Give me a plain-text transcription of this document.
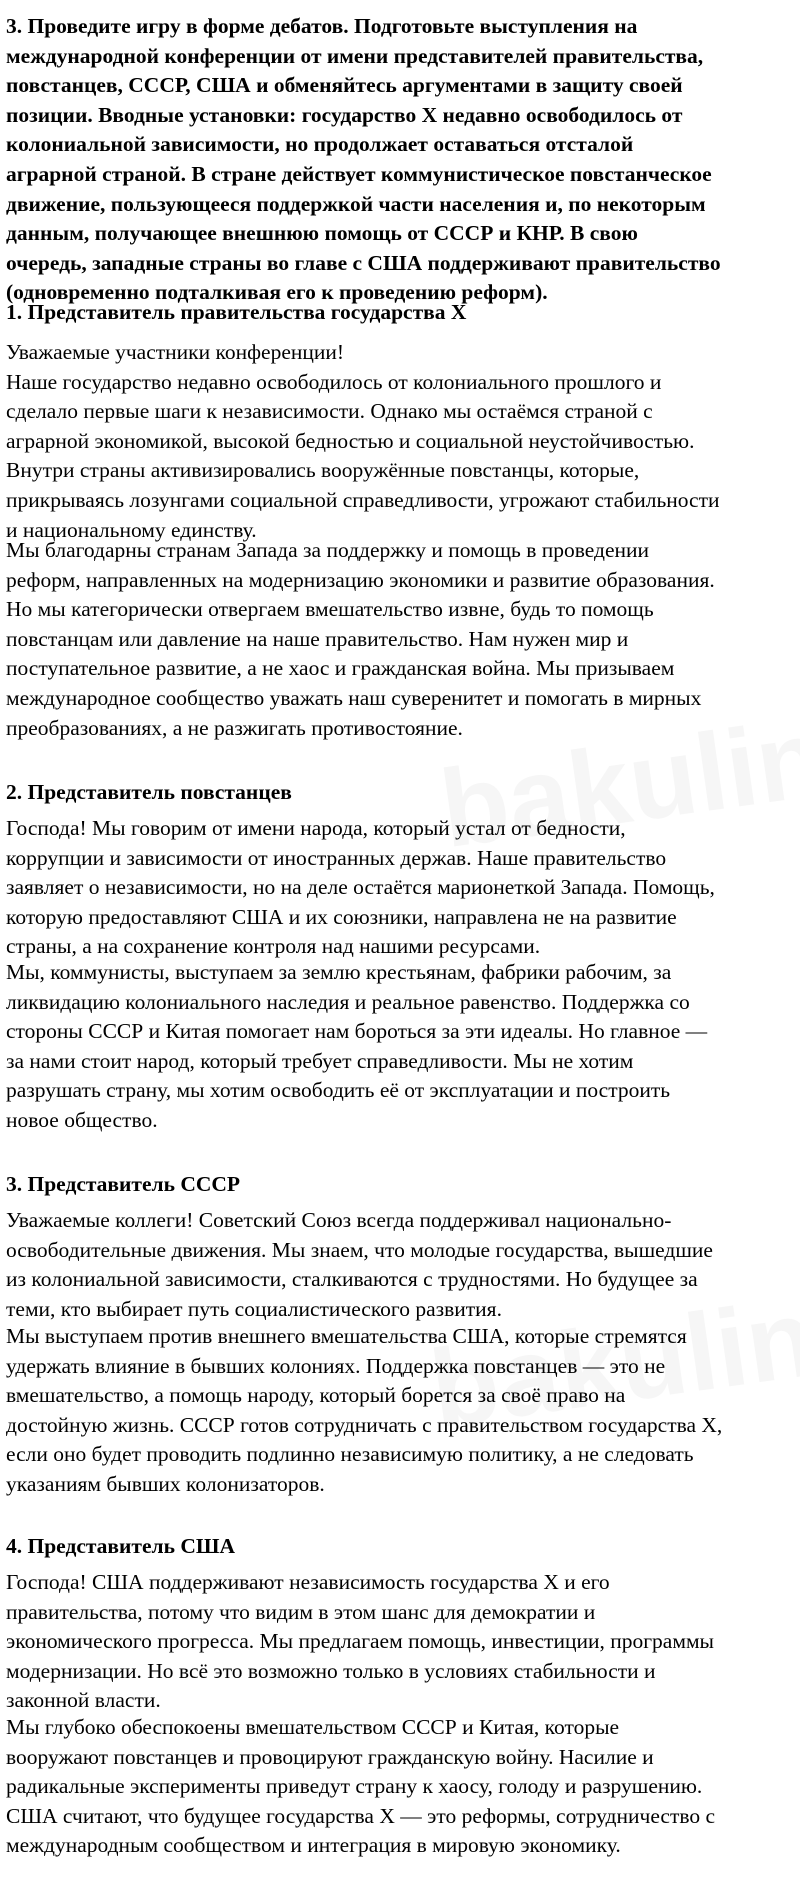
3. Проведите игру в форме дебатов. Подготовьте выступления на
международной конференции от имени представителей правительства,
повстанцев, СССР, США и обменяйтесь аргументами в защиту своей
позиции. Вводные установки: государство X недавно освободилось от
колониальной зависимости, но продолжает оставаться отсталой
аграрной страной. В стране действует коммунистическое повстанческое
движение, пользующееся поддержкой части населения и, по некоторым
данным, получающее внешнюю помощь от СССР и КНР. В свою
очередь, западные страны во главе с США поддерживают правительство
(одновременно подталкивая его к проведению реформ).
1. Представитель правительства государства X
Уважаемые участники конференции!
Наше государство недавно освободилось от колониального прошлого и
сделало первые шаги к независимости. Однако мы остаёмся страной с
аграрной экономикой, высокой бедностью и социальной неустойчивостью.
Внутри страны активизировались вооружённые повстанцы, которые,
прикрываясь лозунгами социальной справедливости, угрожают стабильности
и национальному единству.
Мы благодарны странам Запада за поддержку и помощь в проведении
реформ, направленных на модернизацию экономики и развитие образования.
Но мы категорически отвергаем вмешательство извне, будь то помощь
повстанцам или давление на наше правительство. Нам нужен мир и
поступательное развитие, а не хаос и гражданская война. Мы призываем
международное сообщество уважать наш суверенитет и помогать в мирных
преобразованиях, а не разжигать противостояние.
2. Представитель повстанцев
Господа! Мы говорим от имени народа, который устал от бедности,
коррупции и зависимости от иностранных держав. Наше правительство
заявляет о независимости, но на деле остаётся марионеткой Запада. Помощь,
которую предоставляют США и их союзники, направлена не на развитие
страны, а на сохранение контроля над нашими ресурсами.
Мы, коммунисты, выступаем за землю крестьянам, фабрики рабочим, за
ликвидацию колониального наследия и реальное равенство. Поддержка со
стороны СССР и Китая помогает нам бороться за эти идеалы. Но главное —
за нами стоит народ, который требует справедливости. Мы не хотим
разрушать страну, мы хотим освободить её от эксплуатации и построить
новое общество.
3. Представитель СССР
Уважаемые коллеги! Советский Союз всегда поддерживал национально-
освободительные движения. Мы знаем, что молодые государства, вышедшие
из колониальной зависимости, сталкиваются с трудностями. Но будущее за
теми, кто выбирает путь социалистического развития.
Мы выступаем против внешнего вмешательства США, которые стремятся
удержать влияние в бывших колониях. Поддержка повстанцев — это не
вмешательство, а помощь народу, который борется за своё право на
достойную жизнь. СССР готов сотрудничать с правительством государства X,
если оно будет проводить подлинно независимую политику, а не следовать
указаниям бывших колонизаторов.
4. Представитель США
Господа! США поддерживают независимость государства X и его
правительства, потому что видим в этом шанс для демократии и
экономического прогресса. Мы предлагаем помощь, инвестиции, программы
модернизации. Но всё это возможно только в условиях стабильности и
законной власти.
Мы глубоко обеспокоены вмешательством СССР и Китая, которые
вооружают повстанцев и провоцируют гражданскую войну. Насилие и
радикальные эксперименты приведут страну к хаосу, голоду и разрушению.
США считают, что будущее государства X — это реформы, сотрудничество с
международным сообществом и интеграция в мировую экономику.
